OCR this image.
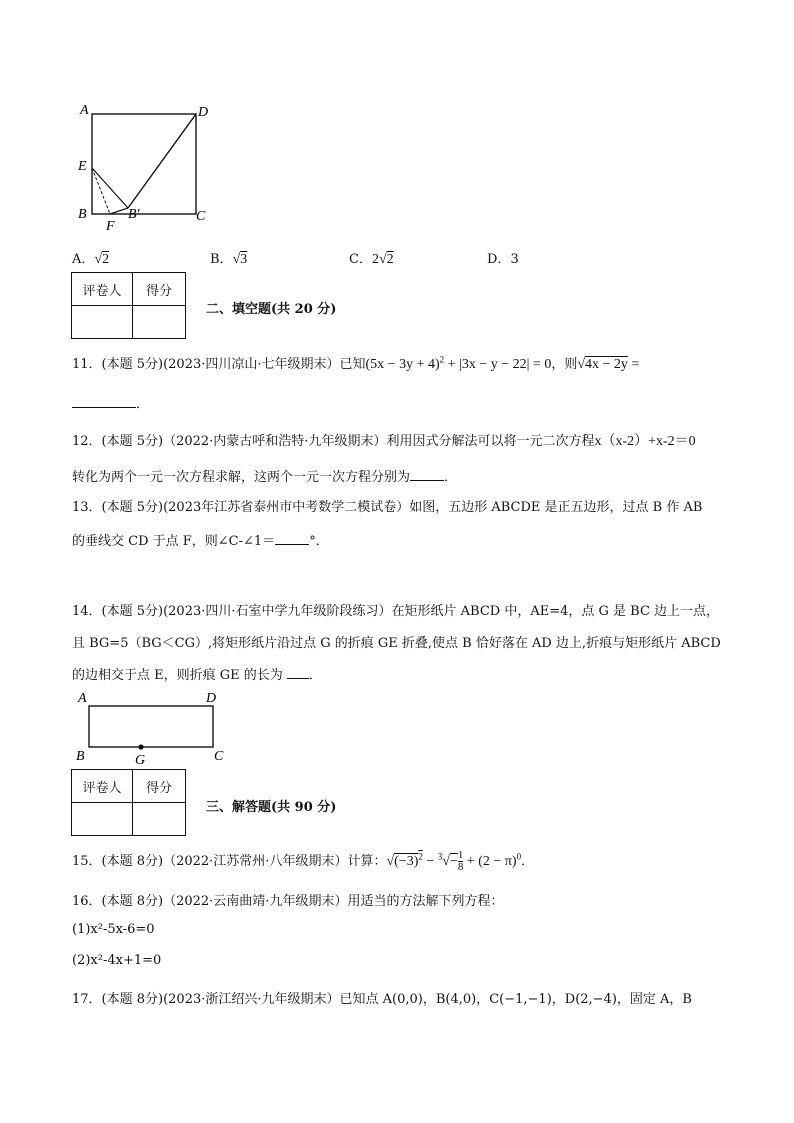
A	D
E
B
F
B′	C
A．√2	B．√3	C．2√2	D．3
评卷人	得分

二、填空题(共 20 分)
11．(本题 5分)(2023·四川凉山·七年级期末）已知$(5x - 3y + 4)^2 + |3x - y - 22| = 0$，则√4x − 2y =
．
12．(本题 5分)（2022·内蒙古呼和浩特·九年级期末）利用因式分解法可以将一元二次方程x（x-2）+x-2＝0
转化为两个一元一次方程求解，这两个一元一次方程分别为	．
13．(本题 5分)(2023年江苏省泰州市中考数学二模试卷）如图，五边形 ABCDE 是正五边形，过点 B 作 AB
的垂线交 CD 于点 F，则∠C-∠1＝	°．
14．(本题 5分)(2023·四川·石室中学九年级阶段练习）在矩形纸片 ABCD 中，AE=4，点 G 是 BC 边上一点，
且 BG=5（BG＜CG）,将矩形纸片沿过点 G 的折痕 GE 折叠,使点 B 恰好落在 AD 边上,折痕与矩形纸片 ABCD
的边相交于点 E，则折痕 GE 的长为 ．
A	D
B	G	C
评卷人	得分

三、解答题(共 90 分)
15．(本题 8分)（2022·江苏常州·八年级期末）计算：$√(-3)^2 - ^3√- \frac{1}{8} + (2 - \pi)^0$．
16．(本题 8分)（2022·云南曲靖·九年级期末）用适当的方法解下列方程：
(1)x²-5x-6=0
(2)x²-4x+1=0
17．(本题 8分)(2023·浙江绍兴·九年级期末）已知点 A(0,0)，B(4,0)，C(−1,−1)，D(2,−4)，固定 A，B
